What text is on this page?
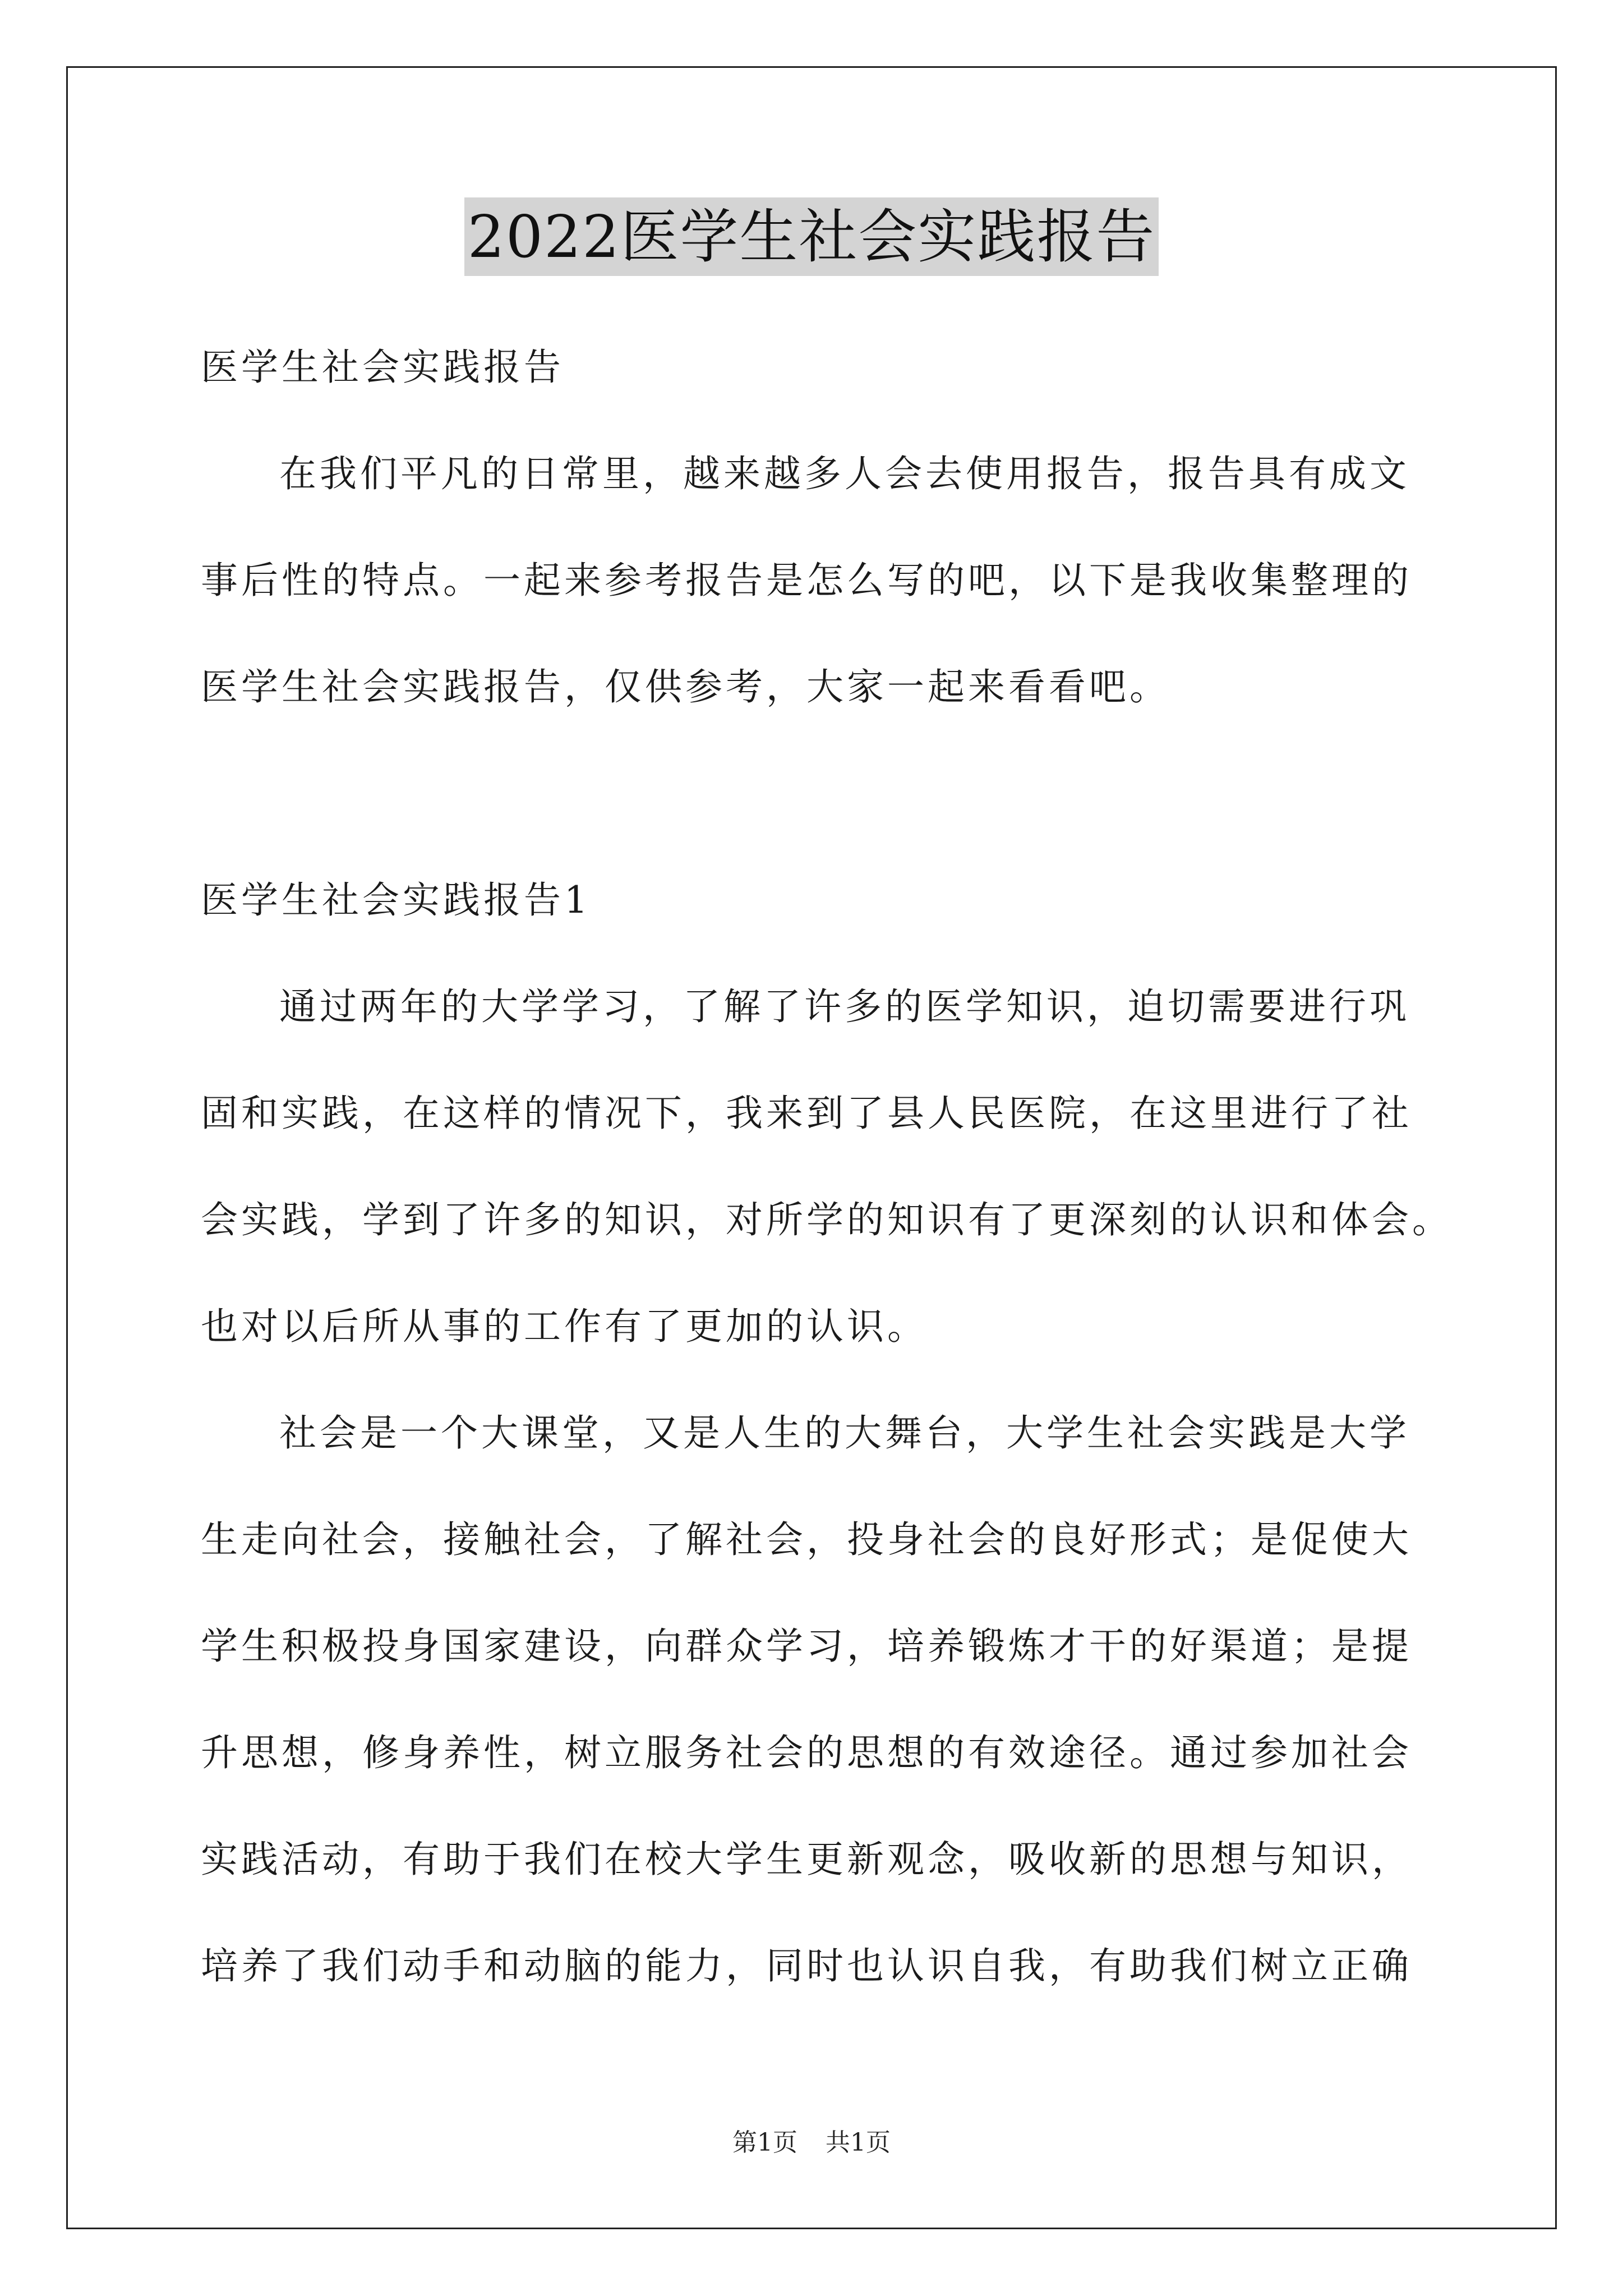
2022医学生社会实践报告
医学生社会实践报告
在我们平凡的日常里，越来越多人会去使用报告，报告具有成文
事后性的特点。一起来参考报告是怎么写的吧，以下是我收集整理的
医学生社会实践报告，仅供参考，大家一起来看看吧。
医学生社会实践报告1
通过两年的大学学习，了解了许多的医学知识，迫切需要进行巩
固和实践，在这样的情况下，我来到了县人民医院，在这里进行了社
会实践，学到了许多的知识，对所学的知识有了更深刻的认识和体会。
也对以后所从事的工作有了更加的认识。
社会是一个大课堂，又是人生的大舞台，大学生社会实践是大学
生走向社会，接触社会，了解社会，投身社会的良好形式；是促使大
学生积极投身国家建设，向群众学习，培养锻炼才干的好渠道；是提
升思想，修身养性，树立服务社会的思想的有效途径。通过参加社会
实践活动，有助于我们在校大学生更新观念，吸收新的思想与知识，
培养了我们动手和动脑的能力，同时也认识自我，有助我们树立正确
第1页 共1页
